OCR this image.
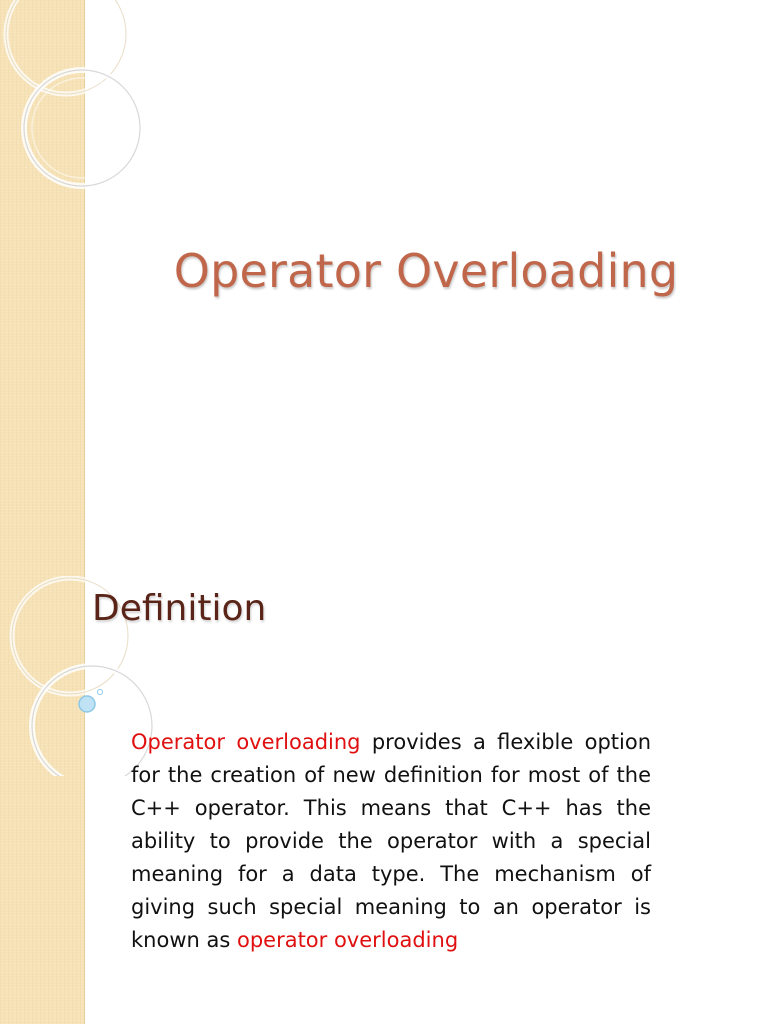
Operator Overloading
Definition

Operator overloading provides a flexible option for the creation of new definition for most of the C++ operator. This means that C++ has the ability to provide the operator with a special meaning for a data type. The mechanism of giving such special meaning to an operator is known as operator overloading
